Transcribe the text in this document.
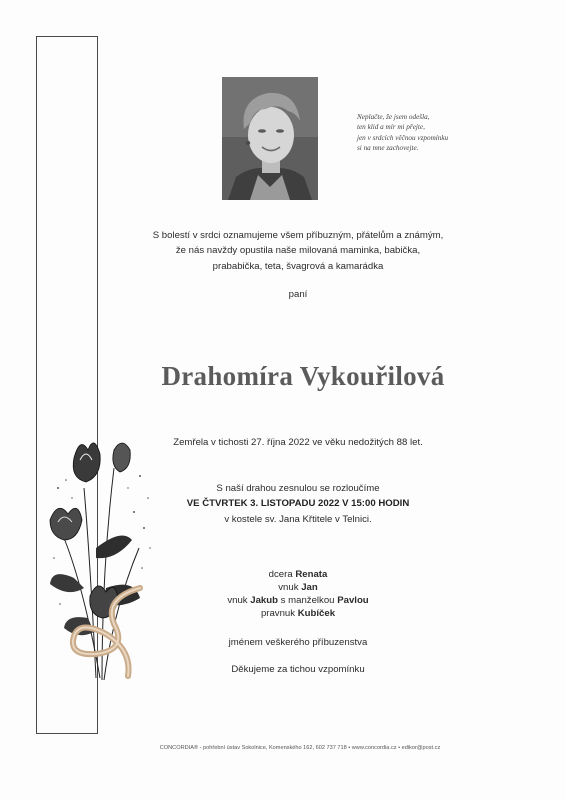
Neplačte, že jsem odešla,
ten klid a mír mi přejte,
jen v srdcích věčnou vzpomínku
si na mne zachovejte.
S bolestí v srdci oznamujeme všem příbuzným, přátelům a známým,
že nás navždy opustila naše milovaná maminka, babička,
prababička, teta, švagrová a kamarádka
paní
Drahomíra Vykouřilová
Zemřela v tichosti 27. října 2022 ve věku nedožitých 88 let.
S naší drahou zesnulou se rozloučíme
VE ČTVRTEK 3. LISTOPADU 2022 V 15:00 HODIN
v kostele sv. Jana Křtitele v Telnici.
dcera Renata
vnuk Jan
vnuk Jakub s manželkou Pavlou
pravnuk Kubíček
jménem veškerého příbuzenstva
Děkujeme za tichou vzpomínku
CONCORDIA® - pohřební ústav Sokolnice, Komenského 162, 602 737 718 • www.concordia.cz • edikor@post.cz
